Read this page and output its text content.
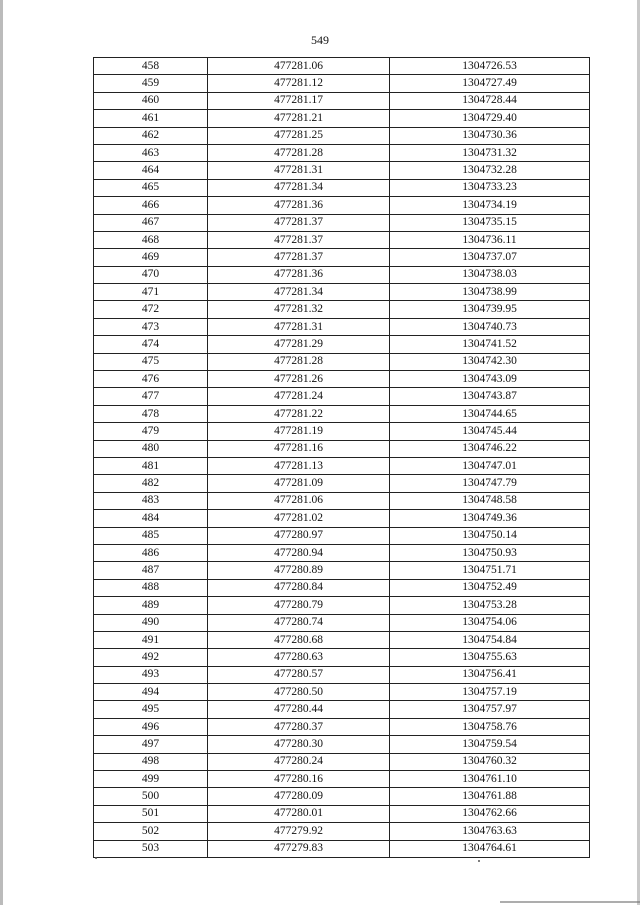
549
458	477281.06	1304726.53
459	477281.12	1304727.49
460	477281.17	1304728.44
461	477281.21	1304729.40
462	477281.25	1304730.36
463	477281.28	1304731.32
464	477281.31	1304732.28
465	477281.34	1304733.23
466	477281.36	1304734.19
467	477281.37	1304735.15
468	477281.37	1304736.11
469	477281.37	1304737.07
470	477281.36	1304738.03
471	477281.34	1304738.99
472	477281.32	1304739.95
473	477281.31	1304740.73
474	477281.29	1304741.52
475	477281.28	1304742.30
476	477281.26	1304743.09
477	477281.24	1304743.87
478	477281.22	1304744.65
479	477281.19	1304745.44
480	477281.16	1304746.22
481	477281.13	1304747.01
482	477281.09	1304747.79
483	477281.06	1304748.58
484	477281.02	1304749.36
485	477280.97	1304750.14
486	477280.94	1304750.93
487	477280.89	1304751.71
488	477280.84	1304752.49
489	477280.79	1304753.28
490	477280.74	1304754.06
491	477280.68	1304754.84
492	477280.63	1304755.63
493	477280.57	1304756.41
494	477280.50	1304757.19
495	477280.44	1304757.97
496	477280.37	1304758.76
497	477280.30	1304759.54
498	477280.24	1304760.32
499	477280.16	1304761.10
500	477280.09	1304761.88
501	477280.01	1304762.66
502	477279.92	1304763.63
503	477279.83	1304764.61
